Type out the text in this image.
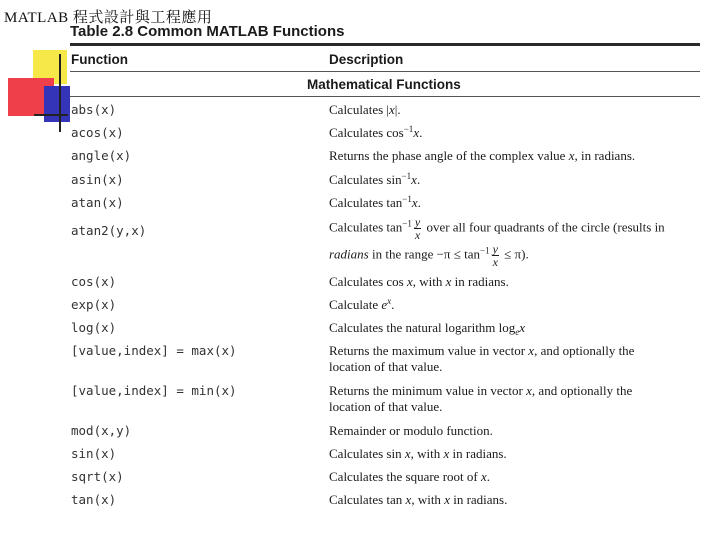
MATLAB 程式設計與工程應用
Table 2.8 Common MATLAB Functions
Function	Description
Mathematical Functions
abs(x)	Calculates |x|.
acos(x)	Calculates $\cos^{-1}x$.
angle(x)	Returns the phase angle of the complex value x, in radians.
asin(x)	Calculates $\sin^{-1}x$.
atan(x)	Calculates $\tan^{-1}x$.
atan2(y,x)	Calculates $\tan^{-1} \frac{y}{x}$ over all four quadrants of the circle (results in
radians in the range $-\pi \le \tan^{-1} \frac{y}{x} \le \pi$).
cos(x)	Calculates cos x, with x in radians.
exp(x)	Calculate $e^x$.
log(x)	Calculates the natural logarithm $\log_ex$
[value,index] = max(x)	Returns the maximum value in vector x, and optionally the
location of that value.
[value,index] = min(x)	Returns the minimum value in vector x, and optionally the
location of that value.
mod(x,y)	Remainder or modulo function.
sin(x)	Calculates sin x, with x in radians.
sqrt(x)	Calculates the square root of x.
tan(x)	Calculates tan x, with x in radians.
